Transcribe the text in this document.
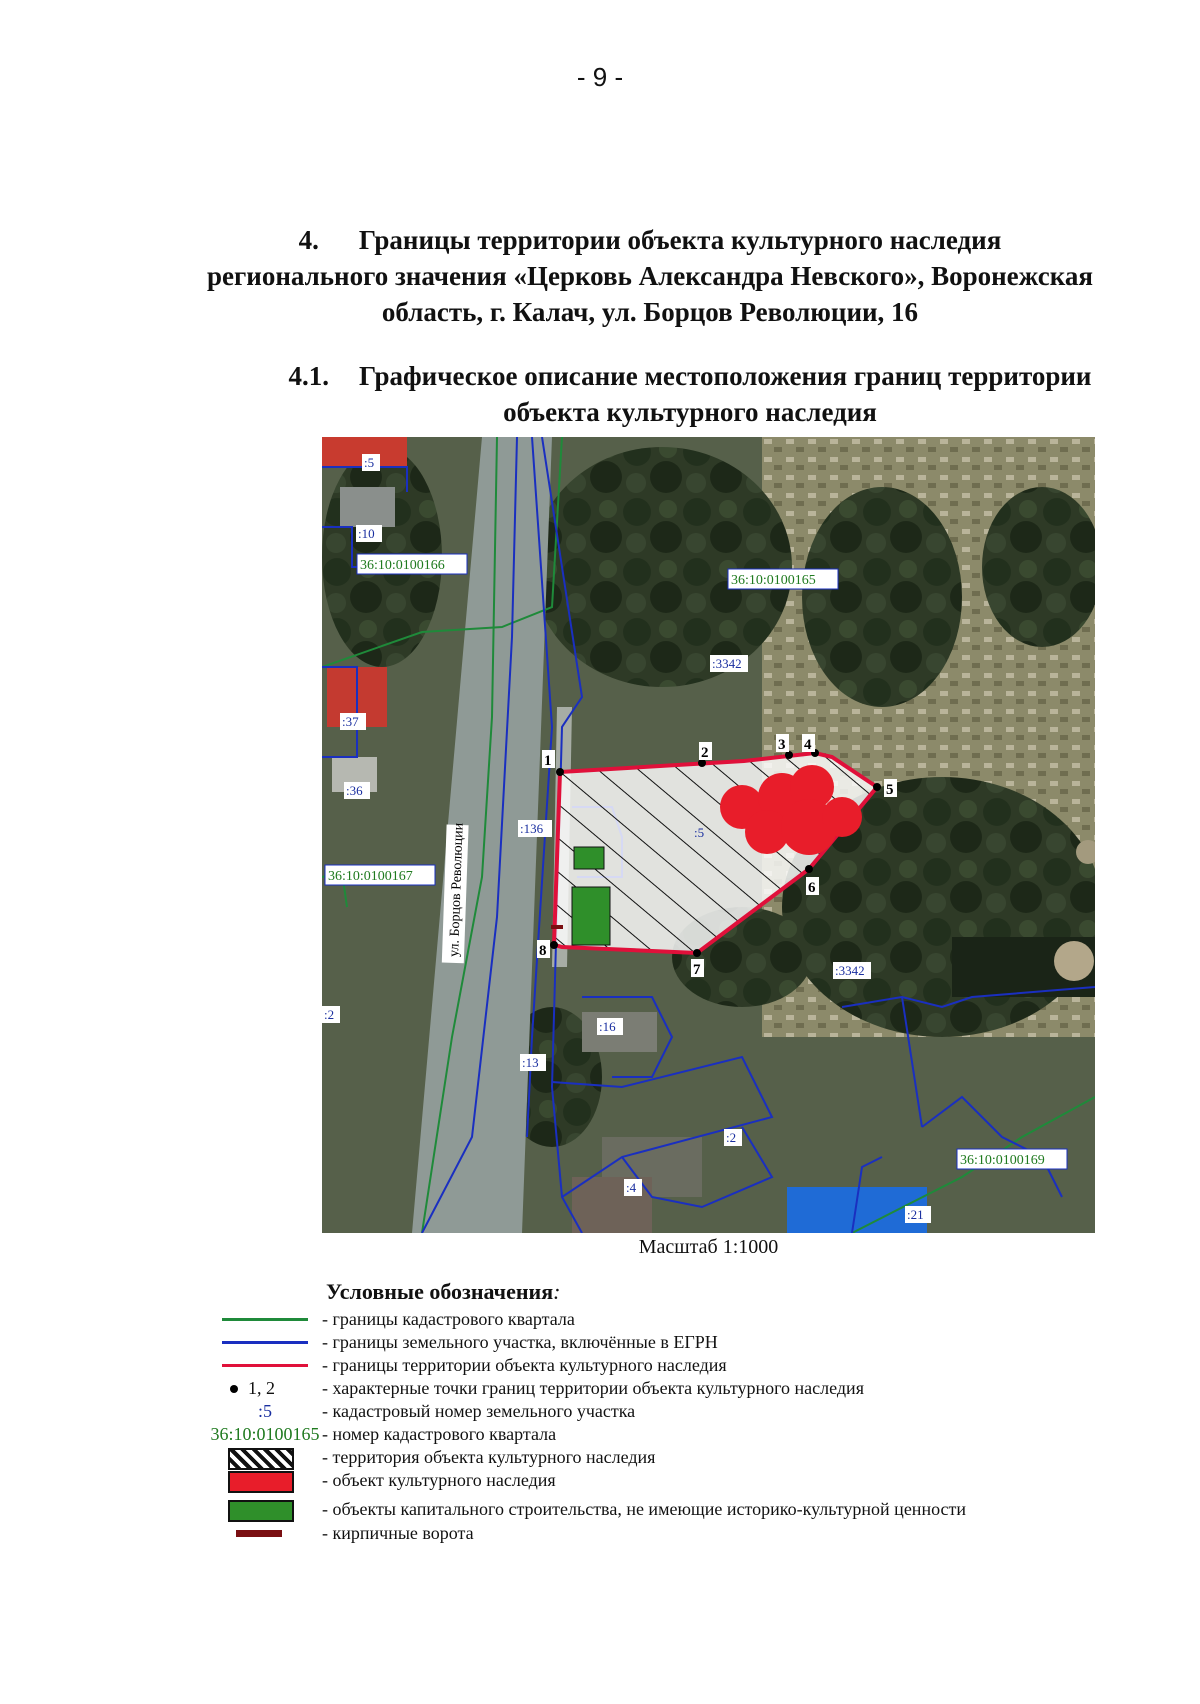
- 9 -
4. Границы территории объекта культурного наследия
регионального значения «Церковь Александра Невского», Воронежская
область, г. Калач, ул. Борцов Революции, 16
4.1. Графическое описание местоположения границ территории
объекта культурного наследия
1	2	3 4
5
6
7
8
ул. Борцов Революции
36:10:0100166
36:10:0100165
36:10:0100167
36:10:0100169
:5
:10
:3342
:37
:36
:136	:5
:3342
:2
:16
:13
:2
:4
:21
Масштаб 1:1000
Условные обозначения:
- границы кадастрового квартала
- границы земельного участка, включённые в ЕГРН
- границы территории объекта культурного наследия
1, 2	- характерные точки границ территории объекта культурного наследия
:5	- кадастровый номер земельного участка
36:10:0100165 - номер кадастрового квартала
- территория объекта культурного наследия
- объект культурного наследия
- объекты капитального строительства, не имеющие историко-культурной ценности
- кирпичные ворота
